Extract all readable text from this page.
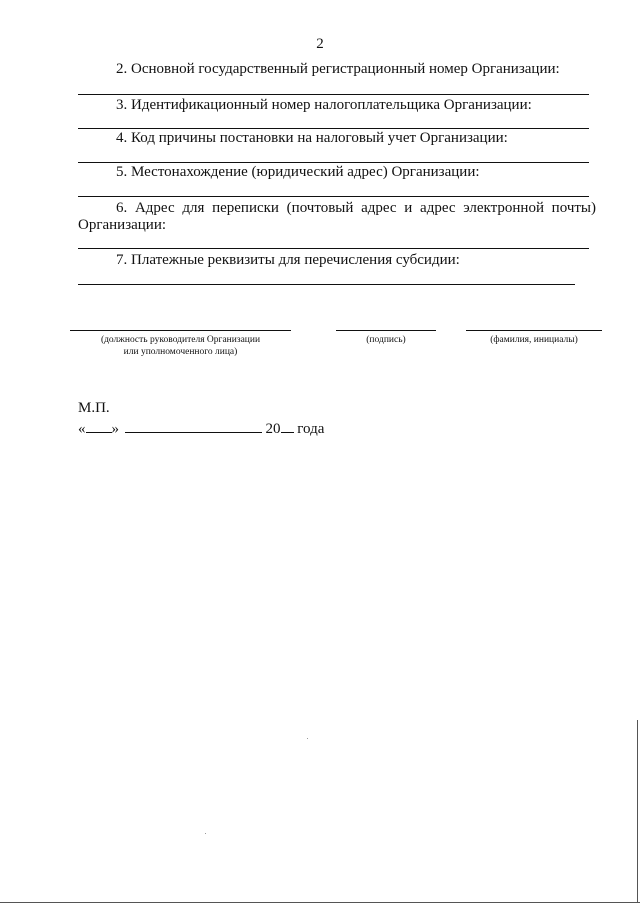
2
2. Основной государственный регистрационный номер Организации:
3. Идентификационный номер налогоплательщика Организации:
4. Код причины постановки на налоговый учет Организации:
5. Местонахождение (юридический адрес) Организации:
6. Адрес для переписки (почтовый адрес и адрес электронной почты) Организации:
7. Платежные реквизиты для перечисления субсидии:
(должность руководителя Организации
или уполномоченного лица)
(подпись)	(фамилия, инициалы)
М.П.
« »	20 года
